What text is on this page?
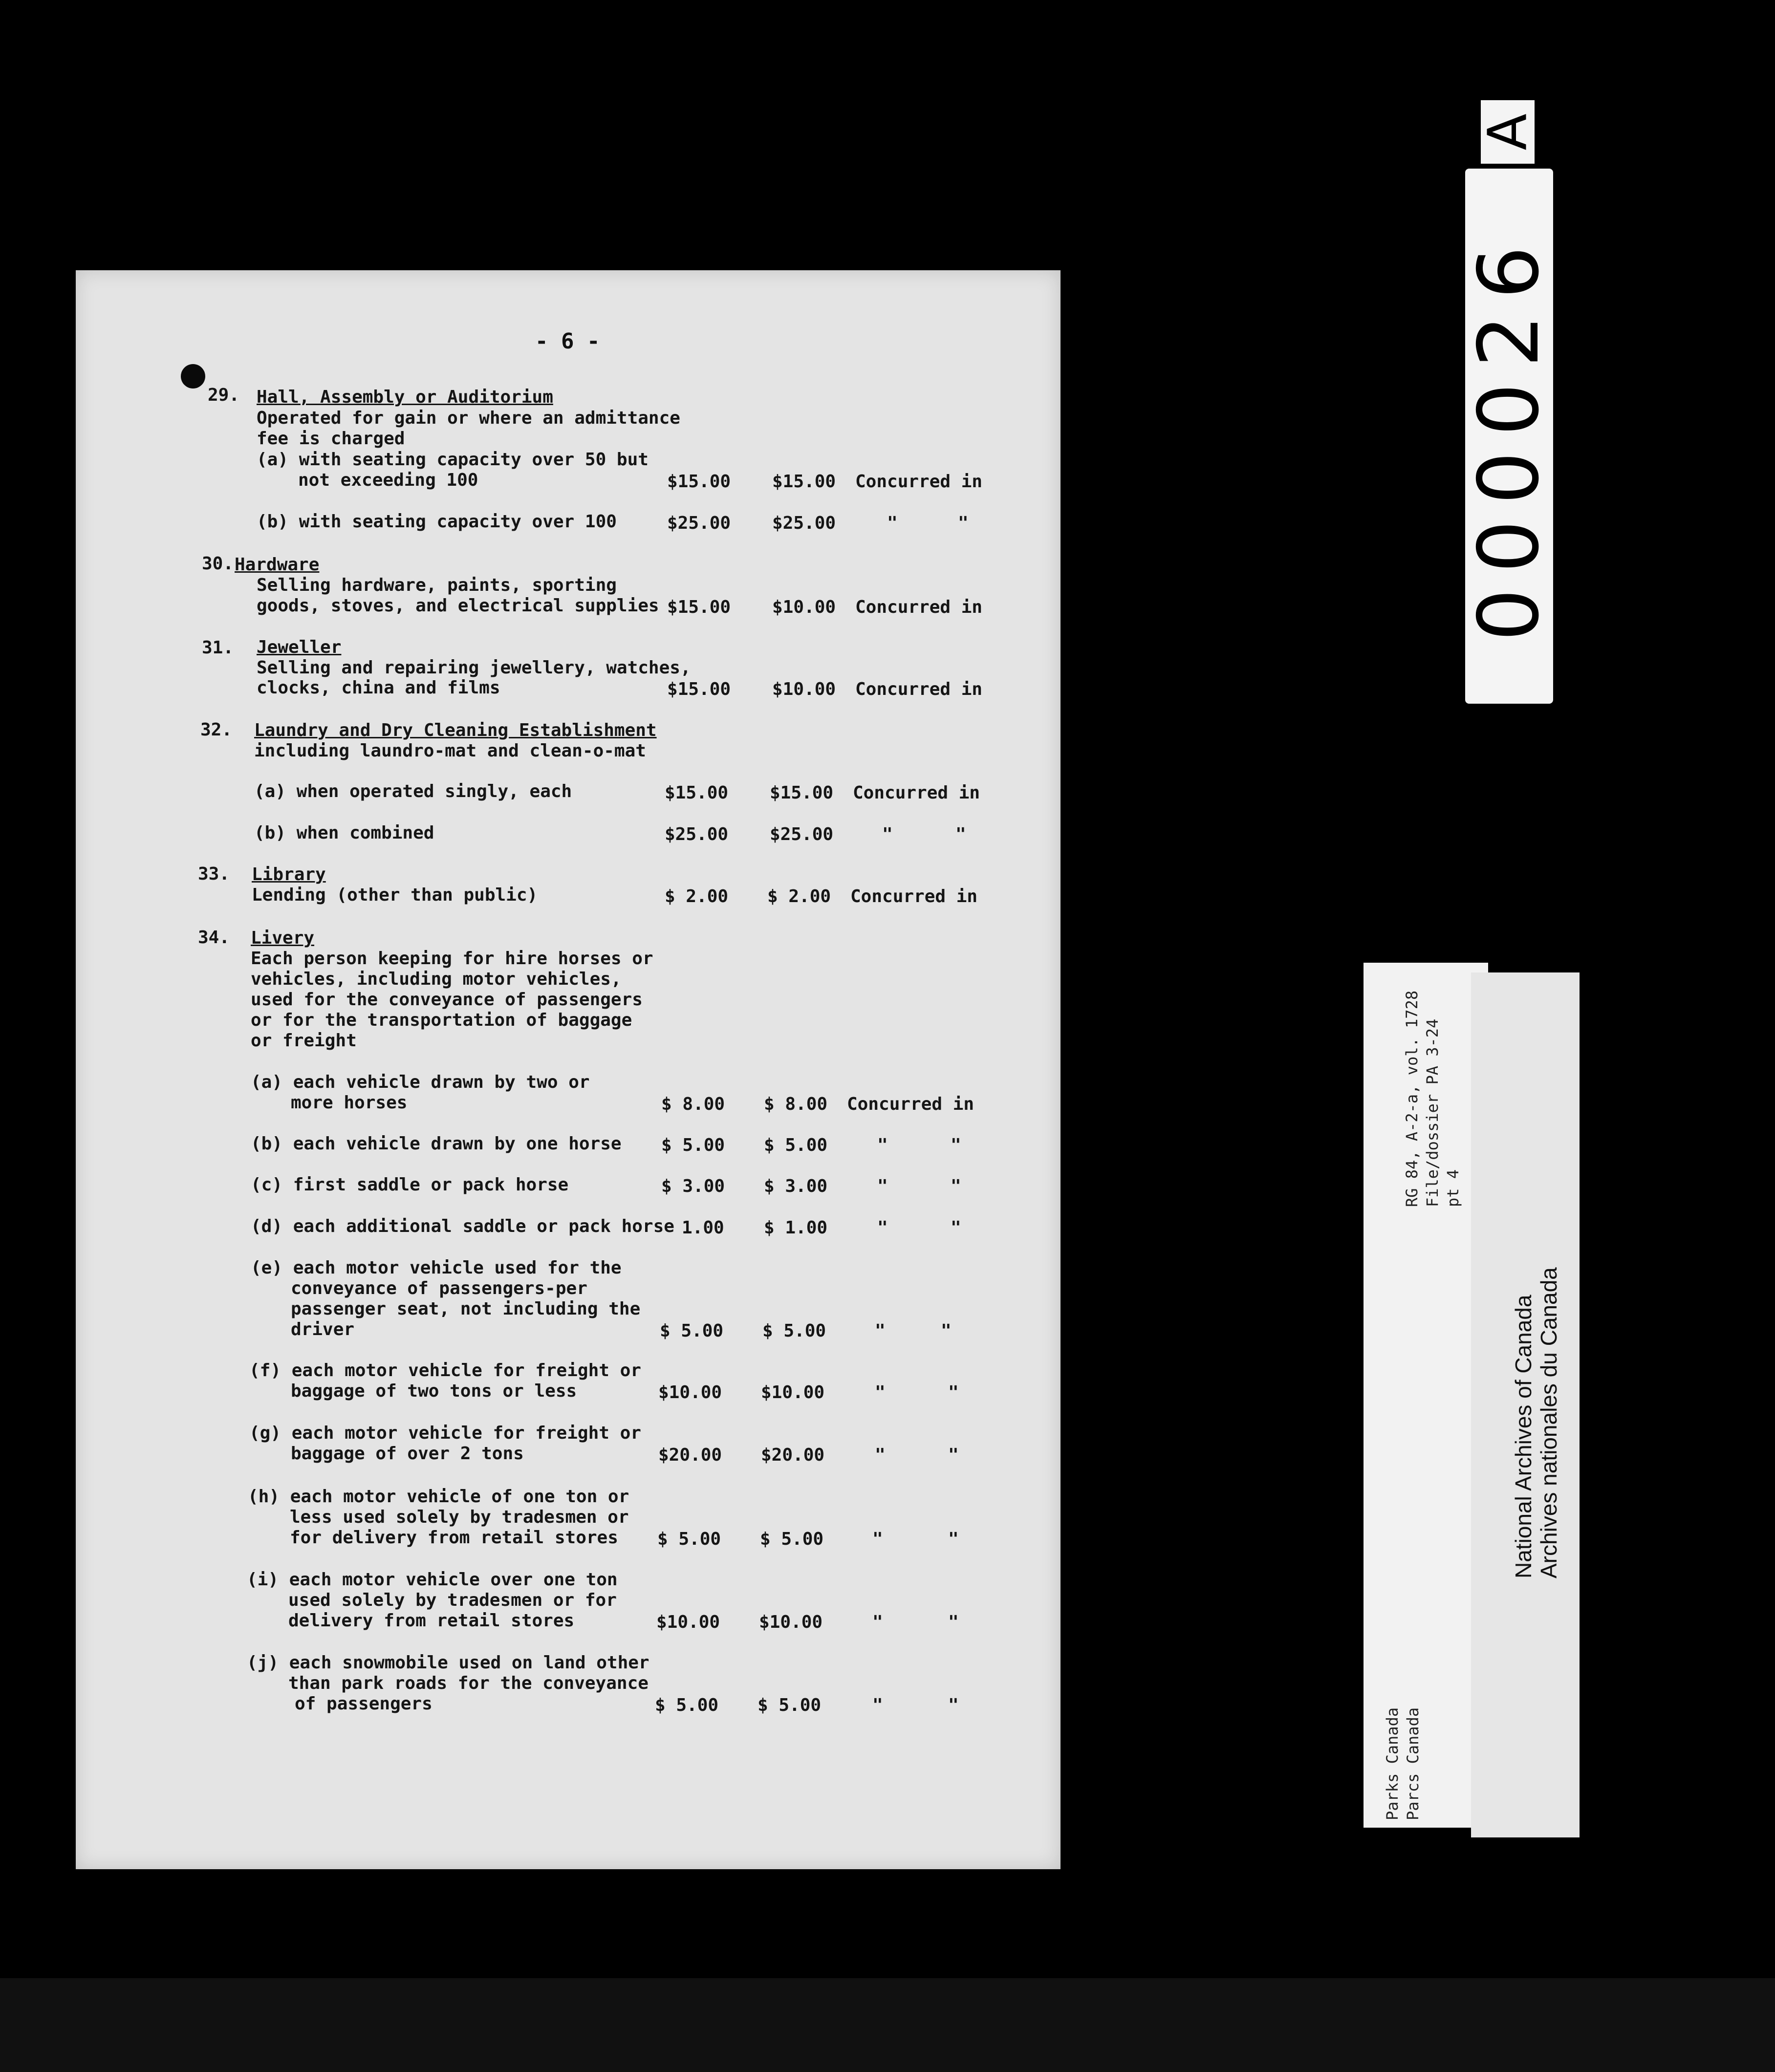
- 6 -
29. Hall, Assembly or Auditorium
Operated for gain or where an admittance
fee is charged
(a) with seating capacity over 50 but
not exceeding 100	$15.00 $15.00 Concurred in
(b) with seating capacity over 100	$25.00 $25.00	"	"
30. Hardware
Selling hardware, paints, sporting
goods, stoves, and electrical supplies $15.00 $10.00 Concurred in
31. Jeweller
Selling and repairing jewellery, watches,
clocks, china and films	$15.00 $10.00 Concurred in
32. Laundry and Dry Cleaning Establishment
including laundro-mat and clean-o-mat
(a) when operated singly, each	$15.00 $15.00 Concurred in
(b) when combined	$25.00 $25.00	"	"
33. Library
Lending (other than public)	$ 2.00 $ 2.00 Concurred in
34. Livery
Each person keeping for hire horses or
vehicles, including motor vehicles,
used for the conveyance of passengers
or for the transportation of baggage
or freight
(a) each vehicle drawn by two or
more horses	$ 8.00 $ 8.00 Concurred in
(b) each vehicle drawn by one horse $ 5.00 $ 5.00	"	"
(c) first saddle or pack horse	$ 3.00 $ 3.00	"	"
(d) each additional saddle or pack horse 1.00 $ 1.00	"	"
(e) each motor vehicle used for the
conveyance of passengers-per
passenger seat, not including the
driver	$ 5.00 $ 5.00	"	"
(f) each motor vehicle for freight or
baggage of two tons or less	$10.00 $10.00	"	"
(g) each motor vehicle for freight or
baggage of over 2 tons	$20.00 $20.00	"	"
(h) each motor vehicle of one ton or
less used solely by tradesmen or
for delivery from retail stores $ 5.00 $ 5.00	"	"
(i) each motor vehicle over one ton
used solely by tradesmen or for
delivery from retail stores	$10.00 $10.00	"	"
(j) each snowmobile used on land other
than park roads for the conveyance
of passengers	$ 5.00 $ 5.00	"	"
A
000026
RG 84, A-2-a, vol. 1728 File/dossier PA 3-24 pt 4
Parks Canada Parcs Canada
National Archives of Canada Archives nationales du Canada
